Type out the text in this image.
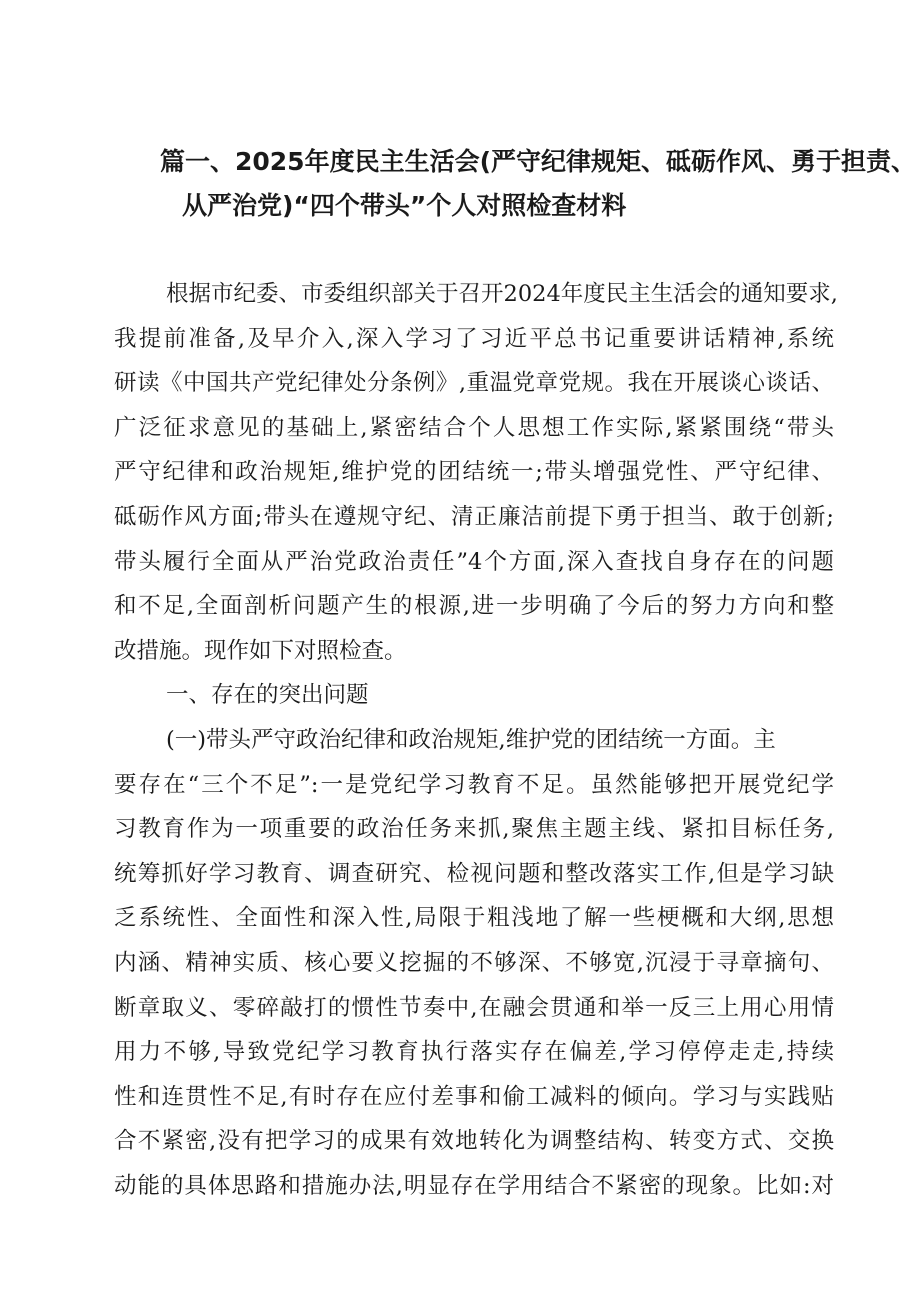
篇一、2025年度民主生活会(严守纪律规矩、砥砺作风、勇于担责、
从严治党)“四个带头”个人对照检查材料
根据市纪委、市委组织部关于召开2024年度民主生活会的通知要求,
我提前准备,及早介入,深入学习了习近平总书记重要讲话精神,系统
研读《中国共产党纪律处分条例》,重温党章党规。我在开展谈心谈话、
广泛征求意见的基础上,紧密结合个人思想工作实际,紧紧围绕“带头
严守纪律和政治规矩,维护党的团结统一;带头增强党性、严守纪律、
砥砺作风方面;带头在遵规守纪、清正廉洁前提下勇于担当、敢于创新;
带头履行全面从严治党政治责任”4个方面,深入查找自身存在的问题
和不足,全面剖析问题产生的根源,进一步明确了今后的努力方向和整
改措施。现作如下对照检查。
一、存在的突出问题
(一)带头严守政治纪律和政治规矩,维护党的团结统一方面。主
要存在“三个不足”:一是党纪学习教育不足。虽然能够把开展党纪学
习教育作为一项重要的政治任务来抓,聚焦主题主线、紧扣目标任务,
统筹抓好学习教育、调查研究、检视问题和整改落实工作,但是学习缺
乏系统性、全面性和深入性,局限于粗浅地了解一些梗概和大纲,思想
内涵、精神实质、核心要义挖掘的不够深、不够宽,沉浸于寻章摘句、
断章取义、零碎敲打的惯性节奏中,在融会贯通和举一反三上用心用情
用力不够,导致党纪学习教育执行落实存在偏差,学习停停走走,持续
性和连贯性不足,有时存在应付差事和偷工减料的倾向。学习与实践贴
合不紧密,没有把学习的成果有效地转化为调整结构、转变方式、交换
动能的具体思路和措施办法,明显存在学用结合不紧密的现象。比如:对
